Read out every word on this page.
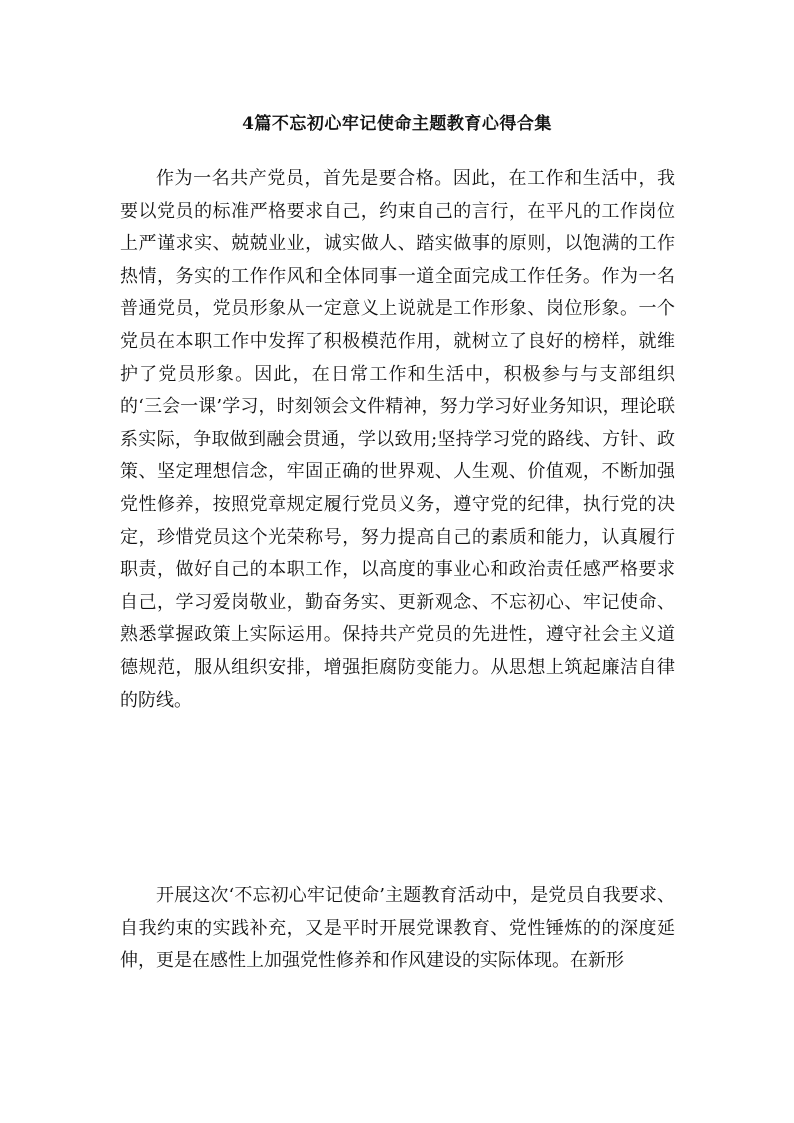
4篇不忘初心牢记使命主题教育心得合集

作为一名共产党员，首先是要合格。因此，在工作和生活中，我要以党员的标准严格要求自己，约束自己的言行，在平凡的工作岗位上严谨求实、兢兢业业，诚实做人、踏实做事的原则，以饱满的工作热情，务实的工作作风和全体同事一道全面完成工作任务。作为一名普通党员，党员形象从一定意义上说就是工作形象、岗位形象。一个党员在本职工作中发挥了积极模范作用，就树立了良好的榜样，就维护了党员形象。因此，在日常工作和生活中，积极参与与支部组织的‘三会一课’学习，时刻领会文件精神，努力学习好业务知识，理论联系实际，争取做到融会贯通，学以致用;坚持学习党的路线、方针、政策、坚定理想信念，牢固正确的世界观、人生观、价值观，不断加强党性修养，按照党章规定履行党员义务，遵守党的纪律，执行党的决定，珍惜党员这个光荣称号，努力提高自己的素质和能力，认真履行职责，做好自己的本职工作，以高度的事业心和政治责任感严格要求自己，学习爱岗敬业，勤奋务实、更新观念、不忘初心、牢记使命、熟悉掌握政策上实际运用。保持共产党员的先进性，遵守社会主义道德规范，服从组织安排，增强拒腐防变能力。从思想上筑起廉洁自律的防线。

开展这次‘不忘初心牢记使命’主题教育活动中，是党员自我要求、自我约束的实践补充，又是平时开展党课教育、党性锤炼的的深度延伸，更是在感性上加强党性修养和作风建设的实际体现。在新形
